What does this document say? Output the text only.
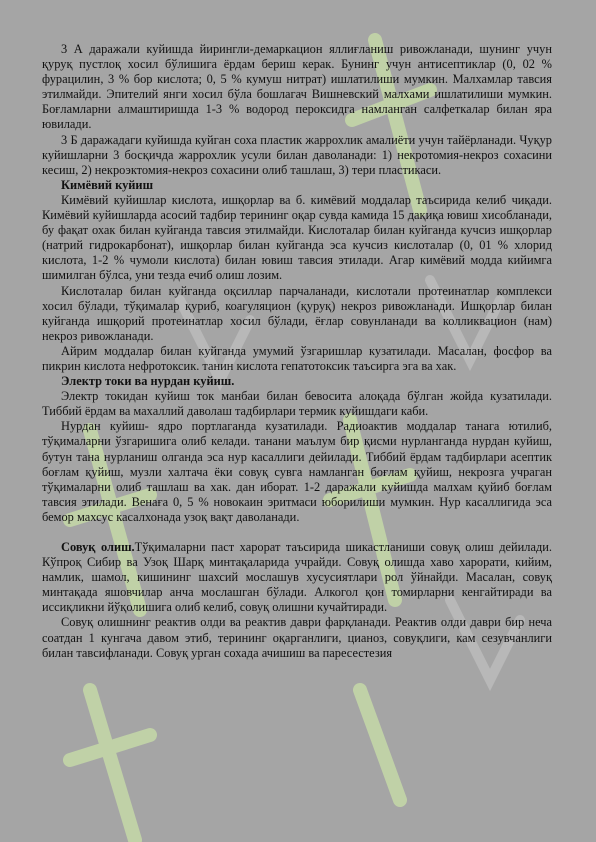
3 А даражали куйишда йирингли-демаркацион яллиғланиш ривожланади, шунинг учун қуруқ пустлоқ хосил бўлишига ёрдам бериш керак. Бунинг учун антисептиклар (0, 02 % фурацилин, 3 % бор кислота; 0, 5 % кумуш нитрат) ишлатилиши мумкин. Малхамлар тавсия этилмайди. Эпителий янги хосил бўла бошлагач Вишневский малхами ишлатилиши мумкин. Боғламларни алмаштиришда 1-3 % водород пероксидга намланган салфеткалар билан яра ювилади.

3 Б даражадаги куйишда куйган соха пластик жаррохлик амалиёти учун тайёрланади. Чуқур куйишларни 3 босқичда жаррохлик усули билан даволанади: 1) некротомия-некроз сохасини кесиш, 2) некроэктомия-некроз сохасини олиб ташлаш, 3) тери пластикаси.

Кимёвий куйиш

Кимёвий куйишлар кислота, ишқорлар ва б. кимёвий моддалар таъсирида келиб чиқади. Кимёвий куйишларда асосий тадбир терининг оқар сувда камида 15 дақиқа ювиш хисобланади, бу фақат охак билан куйганда тавсия этилмайди. Кислоталар билан куйганда кучсиз ишқорлар (натрий гидрокарбонат), ишқорлар билан куйганда эса кучсиз кислоталар (0, 01 % хлорид кислота, 1-2 % чумоли кислота) билан ювиш тавсия этилади. Агар кимёвий модда кийимга шимилган бўлса, уни тезда ечиб олиш лозим.

Кислоталар билан куйганда оқсиллар парчаланади, кислотали протеинатлар комплекси хосил бўлади, тўқималар қуриб, коагуляцион (қуруқ) некроз ривожланади. Ишқорлар билан куйганда ишқорий протеинатлар хосил бўлади, ёғлар совунланади ва колликвацион (нам) некроз ривожланади.

Айрим моддалар билан куйганда умумий ўзгаришлар кузатилади. Масалан, фосфор ва пикрин кислота нефротоксик. танин кислота гепатотоксик таъсирга эга ва хак.

Электр токи ва нурдан куйиш.

Электр токидан куйиш ток манбаи билан бевосита алоқада бўлган жойда кузатилади. Тиббий ёрдам ва махаллий даволаш тадбирлари термик куйишдаги каби.

Нурдан куйиш- ядро портлаганда кузатилади. Радиоактив моддалар танага ютилиб, тўқималарни ўзгаришига олиб келади. танани маълум бир қисми нурланганда нурдан куйиш, бутун тана нурланиш олганда эса нур касаллиги дейилади. Тиббий ёрдам тадбирлари асептик боғлам қуйиш, музли халтача ёки совуқ сувга намланган боғлам қуйиш, некрозга учраган тўқималарни олиб ташлаш ва хак. дан иборат. 1-2 даражали куйишда малхам қуйиб боғлам тавсия этилади. Венаға 0, 5 % новокаин эритмаси юборилиши мумкин. Нур касаллигида эса бемор махсус касалхонада узоқ вақт даволанади.

Совуқ олиш.Тўқималарни паст харорат таъсирида шикастланиши совуқ олиш дейилади. Кўпроқ Сибир ва Узоқ Шарқ минтақаларида учрайди. Совуқ олишда хаво харорати, кийим, намлик, шамол, кишининг шахсий мослашув хусусиятлари рол ўйнайди. Масалан, совуқ минтақада яшовчилар анча мослашган бўлади. Алкогол қон томирларни кенгайтиради ва иссиқликни йўқолишига олиб келиб, совуқ олишни кучайтиради.

Совуқ олишнинг реактив олди ва реактив даври фарқланади. Реактив олди даври бир неча соатдан 1 кунгача давом этиб, терининг оқарганлиги, цианоз, совуқлиги, кам сезувчанлиги билан тавсифланади. Совуқ урган сохада ачишиш ва паресестезия
